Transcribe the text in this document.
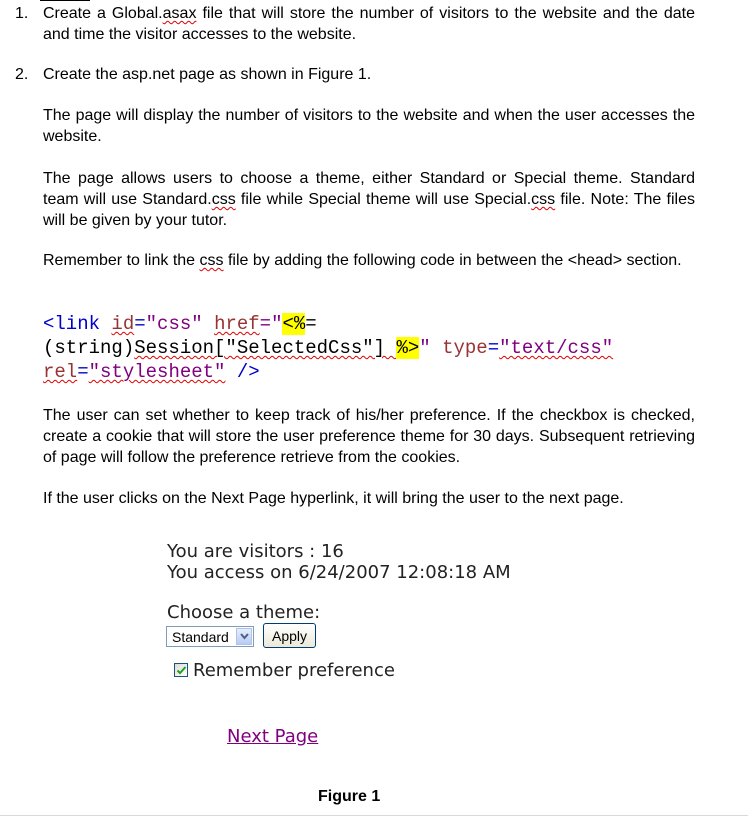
1. Create a Global.asax file that will store the number of visitors to the website and the date and time the visitor accesses to the website.
2. Create the asp.net page as shown in Figure 1.
The page will display the number of visitors to the website and when the user accesses the website.
The page allows users to choose a theme, either Standard or Special theme. Standard team will use Standard.css file while Special theme will use Special.css file. Note: The files will be given by your tutor.
Remember to link the css file by adding the following code in between the <head> section.
<link id="css" href="<%=
(string)Session["SelectedCss"] %>" type="text/css"
rel="stylesheet" />
The user can set whether to keep track of his/her preference. If the checkbox is checked, create a cookie that will store the user preference theme for 30 days. Subsequent retrieving of page will follow the preference retrieve from the cookies.
If the user clicks on the Next Page hyperlink, it will bring the user to the next page.
You are visitors : 16
You access on 6/24/2007 12:08:18 AM
Choose a theme:
Standard	Apply
Remember preference
Next Page
Figure 1
